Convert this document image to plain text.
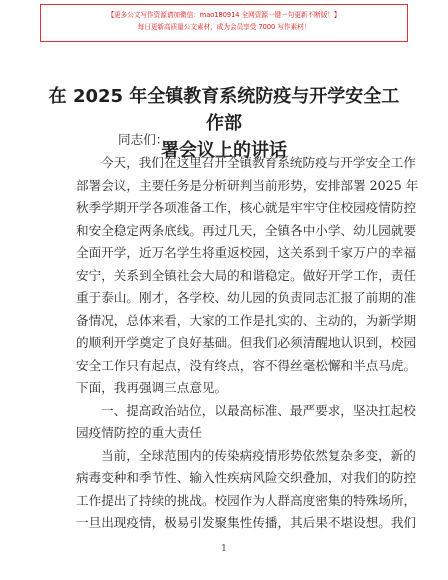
【更多公文写作资源请加微信：mao180914 全网资源一键一句更新不断版！】
每日更新高质量公文素材，成为会员享受 7000 写作素材！
在 2025 年全镇教育系统防疫与开学安全工作部
署会议上的讲话
同志们：
今天，我们在这里召开全镇教育系统防疫与开学安全工作
部署会议，主要任务是分析研判当前形势，安排部署 2025 年
秋季学期开学各项准备工作，核心就是牢牢守住校园疫情防控
和安全稳定两条底线。再过几天，全镇各中小学、幼儿园就要
全面开学，近万名学生将重返校园，这关系到千家万户的幸福
安宁，关系到全镇社会大局的和谐稳定。做好开学工作，责任
重于泰山。刚才，各学校、幼儿园的负责同志汇报了前期的准
备情况，总体来看，大家的工作是扎实的、主动的，为新学期
的顺利开学奠定了良好基础。但我们必须清醒地认识到，校园
安全工作只有起点，没有终点，容不得丝毫松懈和半点马虎。
下面，我再强调三点意见。
一、提高政治站位，以最高标准、最严要求，坚决扛起校
园疫情防控的重大责任
当前，全球范围内的传染病疫情形势依然复杂多变，新的
病毒变种和季节性、输入性疾病风险交织叠加，对我们的防控
工作提出了持续的挑战。校园作为人群高度密集的特殊场所，
一旦出现疫情，极易引发聚集性传播，其后果不堪设想。我们
1
